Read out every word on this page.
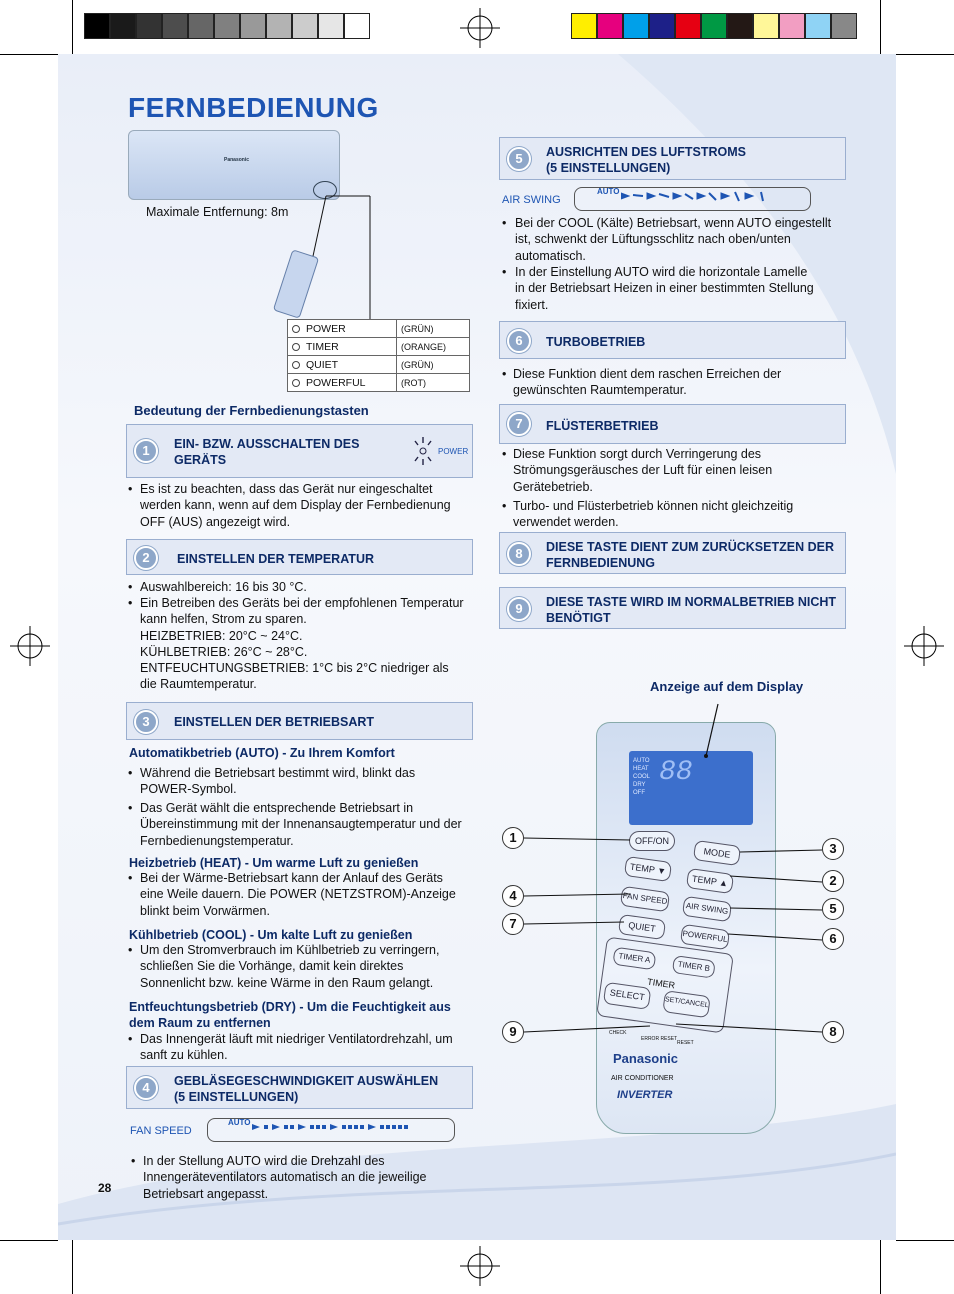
FERNBEDIENUNG
Panasonic
Maximale Entfernung: 8m
POWER	(GRÜN)
TIMER	(ORANGE)
QUIET	(GRÜN)
POWERFUL	(ROT)
Bedeutung der Fernbedienungstasten
1	EIN- BZW. AUSSCHALTEN DES
GERÄTS
POWER
• Es ist zu beachten, dass das Gerät nur eingeschaltet
werden kann, wenn auf dem Display der Fernbedienung
OFF (AUS) angezeigt wird.
2	EINSTELLEN DER TEMPERATUR
• Auswahlbereich: 16 bis 30 °C.
• Ein Betreiben des Geräts bei der empfohlenen Temperatur
kann helfen, Strom zu sparen.
HEIZBETRIEB: 20°C ~ 24°C.
KÜHLBETRIEB: 26°C ~ 28°C.
ENTFEUCHTUNGSBETRIEB: 1°C bis 2°C niedriger als
die Raumtemperatur.
3	EINSTELLEN DER BETRIEBSART
Automatikbetrieb (AUTO) - Zu Ihrem Komfort
• Während die Betriebsart bestimmt wird, blinkt das
POWER-Symbol.
• Das Gerät wählt die entsprechende Betriebsart in
Übereinstimmung mit der Innenansaugtemperatur und der
Fernbedienungstemperatur.
Heizbetrieb (HEAT) - Um warme Luft zu genießen
• Bei der Wärme-Betriebsart kann der Anlauf des Geräts
eine Weile dauern. Die POWER (NETZSTROM)-Anzeige
blinkt beim Vorwärmen.
Kühlbetrieb (COOL) - Um kalte Luft zu genießen
• Um den Stromverbrauch im Kühlbetrieb zu verringern,
schließen Sie die Vorhänge, damit kein direktes
Sonnenlicht bzw. keine Wärme in den Raum gelangt.
Entfeuchtungsbetrieb (DRY) - Um die Feuchtigkeit aus
dem Raum zu entfernen
• Das Innengerät läuft mit niedriger Ventilatordrehzahl, um
sanft zu kühlen.
4	GEBLÄSEGESCHWINDIGKEIT AUSWÄHLEN
(5 EINSTELLUNGEN)
FAN SPEED
AUTO
• In der Stellung AUTO wird die Drehzahl des
Innengeräteventilators automatisch an die jeweilige
Betriebsart angepasst.
5	AUSRICHTEN DES LUFTSTROMS
(5 EINSTELLUNGEN)
AIR SWING
AUTO
• Bei der COOL (Kälte) Betriebsart, wenn AUTO eingestellt
ist, schwenkt der Lüftungsschlitz nach oben/unten
automatisch.
• In der Einstellung AUTO wird die horizontale Lamelle
in der Betriebsart Heizen in einer bestimmten Stellung
fixiert.
6	TURBOBETRIEB
• Diese Funktion dient dem raschen Erreichen der
gewünschten Raumtemperatur.
7	FLÜSTERBETRIEB
• Diese Funktion sorgt durch Verringerung des
Strömungsgeräusches der Luft für einen leisen
Gerätebetrieb.
• Turbo- und Flüsterbetrieb können nicht gleichzeitig
verwendet werden.
8	DIESE TASTE DIENT ZUM ZURÜCKSETZEN DER
FERNBEDIENUNG
9	DIESE TASTE WIRD IM NORMALBETRIEB NICHT
BENÖTIGT
Anzeige auf dem Display
AUTO
HEAT
COOL
DRY
OFF
88
OFF/ON
MODE
TEMP ▼
TEMP ▲
FAN SPEED
AIR SWING
QUIET
POWERFUL
TIMER A
TIMER B
TIMER
SELECT
SET/CANCEL
CHECK
ERROR RESET
RESET
Panasonic
AIR CONDITIONER
INVERTER
1
4
7
9
3
2
5
6
8
28
